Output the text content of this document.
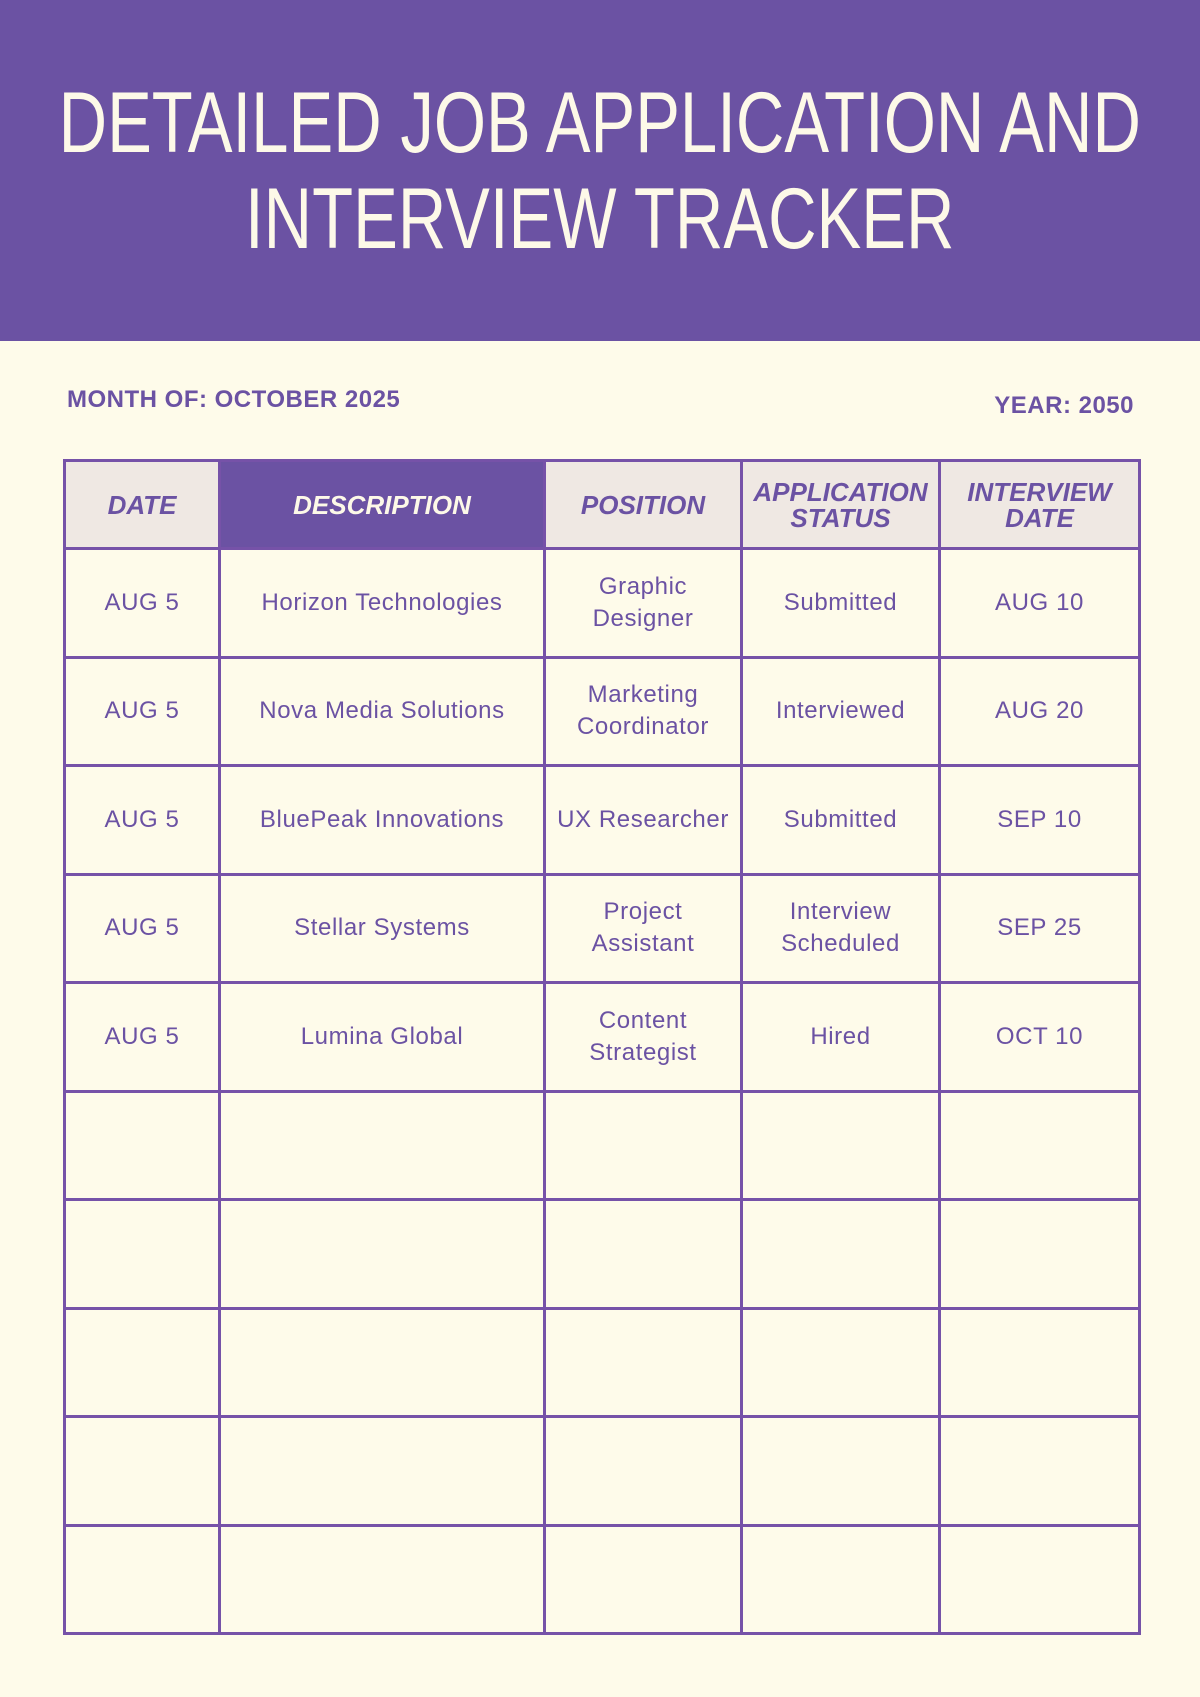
DETAILED JOB APPLICATION AND
INTERVIEW TRACKER
MONTH OF: OCTOBER 2025	YEAR: 2050
DATE	DESCRIPTION	POSITION	APPLICATION STATUS	INTERVIEW DATE
AUG 5	Horizon Technologies	Graphic Designer	Submitted	AUG 10
AUG 5	Nova Media Solutions	Marketing Coordinator	Interviewed	AUG 20
AUG 5	BluePeak Innovations	UX Researcher	Submitted	SEP 10
AUG 5	Stellar Systems	Project Assistant	Interview Scheduled	SEP 25
AUG 5	Lumina Global	Content Strategist	Hired	OCT 10
